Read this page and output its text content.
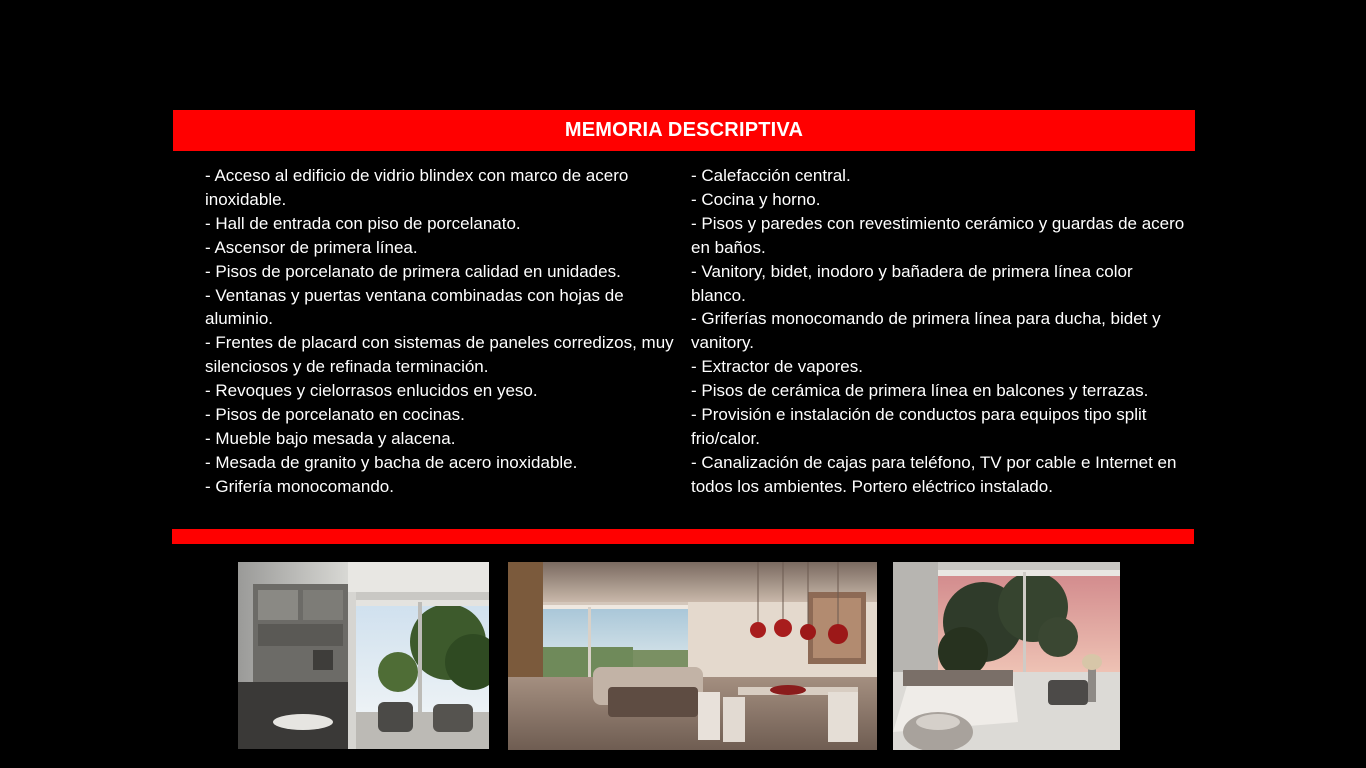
MEMORIA DESCRIPTIVA

- Acceso al edificio de vidrio blindex con marco de acero inoxidable.

- Hall de entrada con piso de porcelanato.

- Ascensor de primera línea.

- Pisos de porcelanato de primera calidad en unidades.

- Ventanas y puertas ventana combinadas con hojas de aluminio.

- Frentes de placard con sistemas de paneles corredizos, muy silenciosos y de refinada terminación.

- Revoques y cielorrasos enlucidos en yeso.

- Pisos de porcelanato en cocinas.

- Mueble bajo mesada y alacena.

- Mesada de granito y bacha de acero inoxidable.

- Grifería monocomando.

- Calefacción central.

- Cocina y horno.

- Pisos y paredes con revestimiento cerámico y guardas de acero en baños.

- Vanitory, bidet, inodoro y bañadera de primera línea color blanco.

- Griferías monocomando de primera línea para ducha, bidet y vanitory.

- Extractor de vapores.

- Pisos de cerámica de primera línea en balcones y terrazas.

- Provisión e instalación de conductos para equipos tipo split frio/calor.

- Canalización de cajas para teléfono, TV por cable e Internet en todos los ambientes. Portero eléctrico instalado.
